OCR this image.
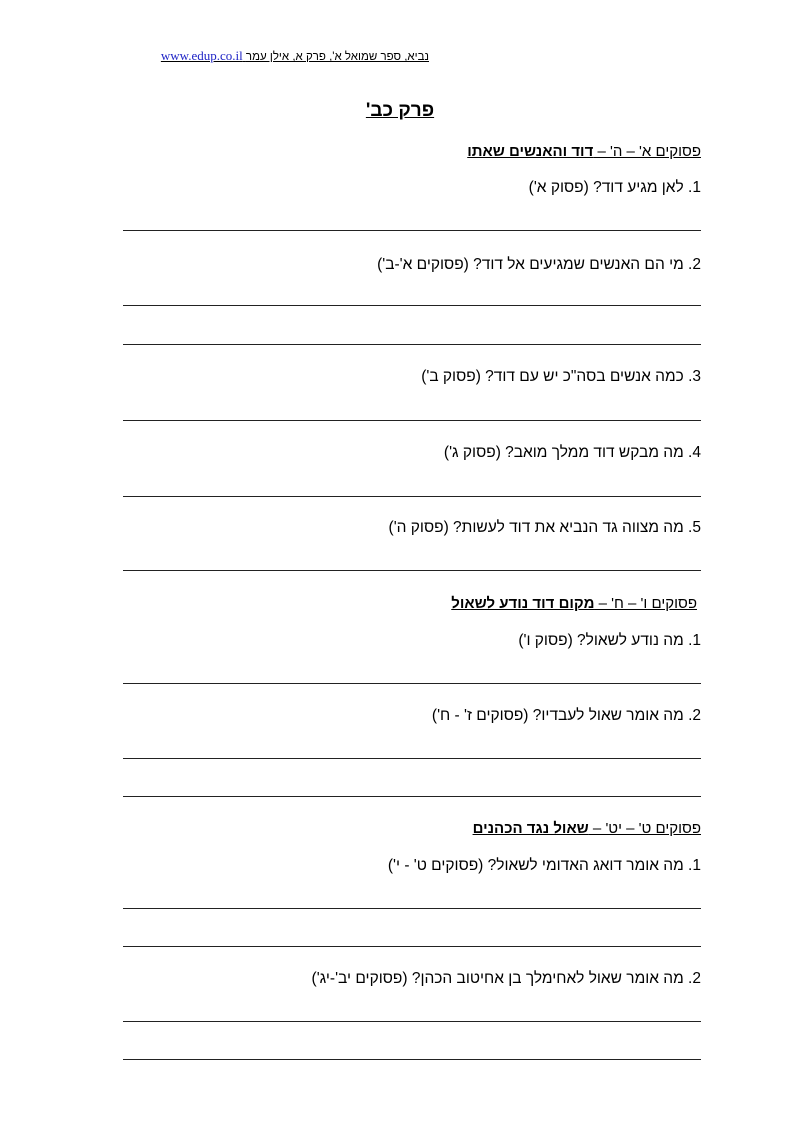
נביא, ספר שמואל א', פרק א, אילן עמר www.edup.co.il
פרק כב'
פסוקים א' – ה' – דוד והאנשים שאתו
1. לאן מגיע דוד? (פסוק א')
2. מי הם האנשים שמגיעים אל דוד? (פסוקים א'-ב')
3. כמה אנשים בסה"כ יש עם דוד? (פסוק ב')
4. מה מבקש דוד ממלך מואב? (פסוק ג')
5. מה מצווה גד הנביא את דוד לעשות? (פסוק ה')
פסוקים ו' – ח' – מקום דוד נודע לשאול
1. מה נודע לשאול? (פסוק ו')
2. מה אומר שאול לעבדיו? (פסוקים ז' - ח')
פסוקים ט' – יט' – שאול נגד הכהנים
1. מה אומר דואג האדומי לשאול? (פסוקים ט' - י')
2. מה אומר שאול לאחימלך בן אחיטוב הכהן? (פסוקים יב'-יג')
